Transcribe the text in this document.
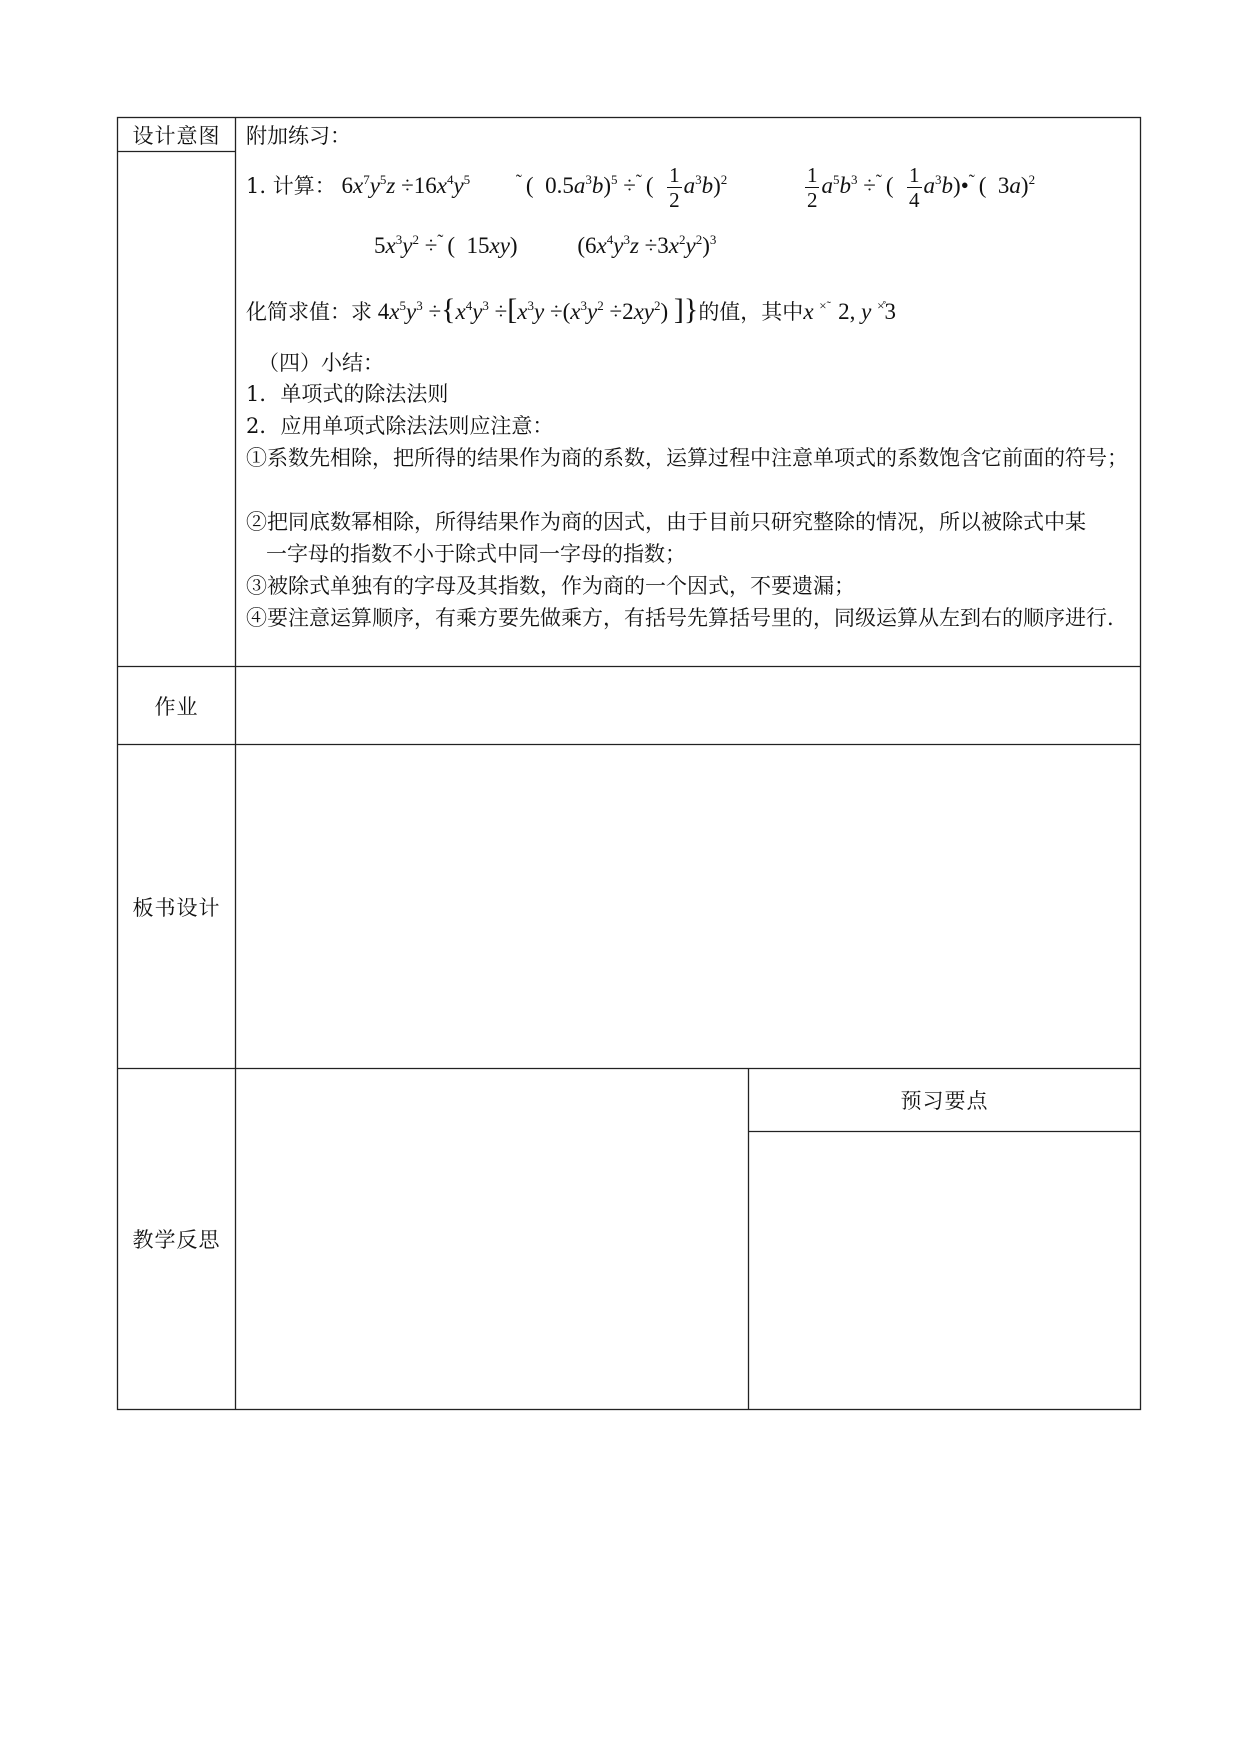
设计意图	附加练习：
1. 计算： $6x^7y^5z \div 16x^4y^5$	˜ (  $0.5a^3b)^5 \div^˜$ ( $\frac{1}{2} a^3b)^2$	$\frac{1}{2} a^5b^3 \div^˜$ ( $\frac{1}{4}$ $a^3b)•^˜$ (  3a)$^2$
$5x^3y^2 \div^˜$ (  15xy)	$(6x^4y^3z \div 3x^2y^2)^3$
化简求值：求 $4x^5y^3 \div\{x^4y^3 \div[x^3y \div(x^3y^2 \div 2xy^2)$ ]}的值，其中x ×̃  2, y ×̊3
（四）小结：
1．单项式的除法法则
2．应用单项式除法法则应注意：
①系数先相除，把所得的结果作为商的系数，运算过程中注意单项式的系数饱含它前面的符号；
②把同底数幂相除，所得结果作为商的因式，由于目前只研究整除的情况，所以被除式中某
一字母的指数不小于除式中同一字母的指数；
③被除式单独有的字母及其指数，作为商的一个因式，不要遗漏；
④要注意运算顺序，有乘方要先做乘方，有括号先算括号里的，同级运算从左到右的顺序进行.
作业
板书设计
教学反思
预习要点
